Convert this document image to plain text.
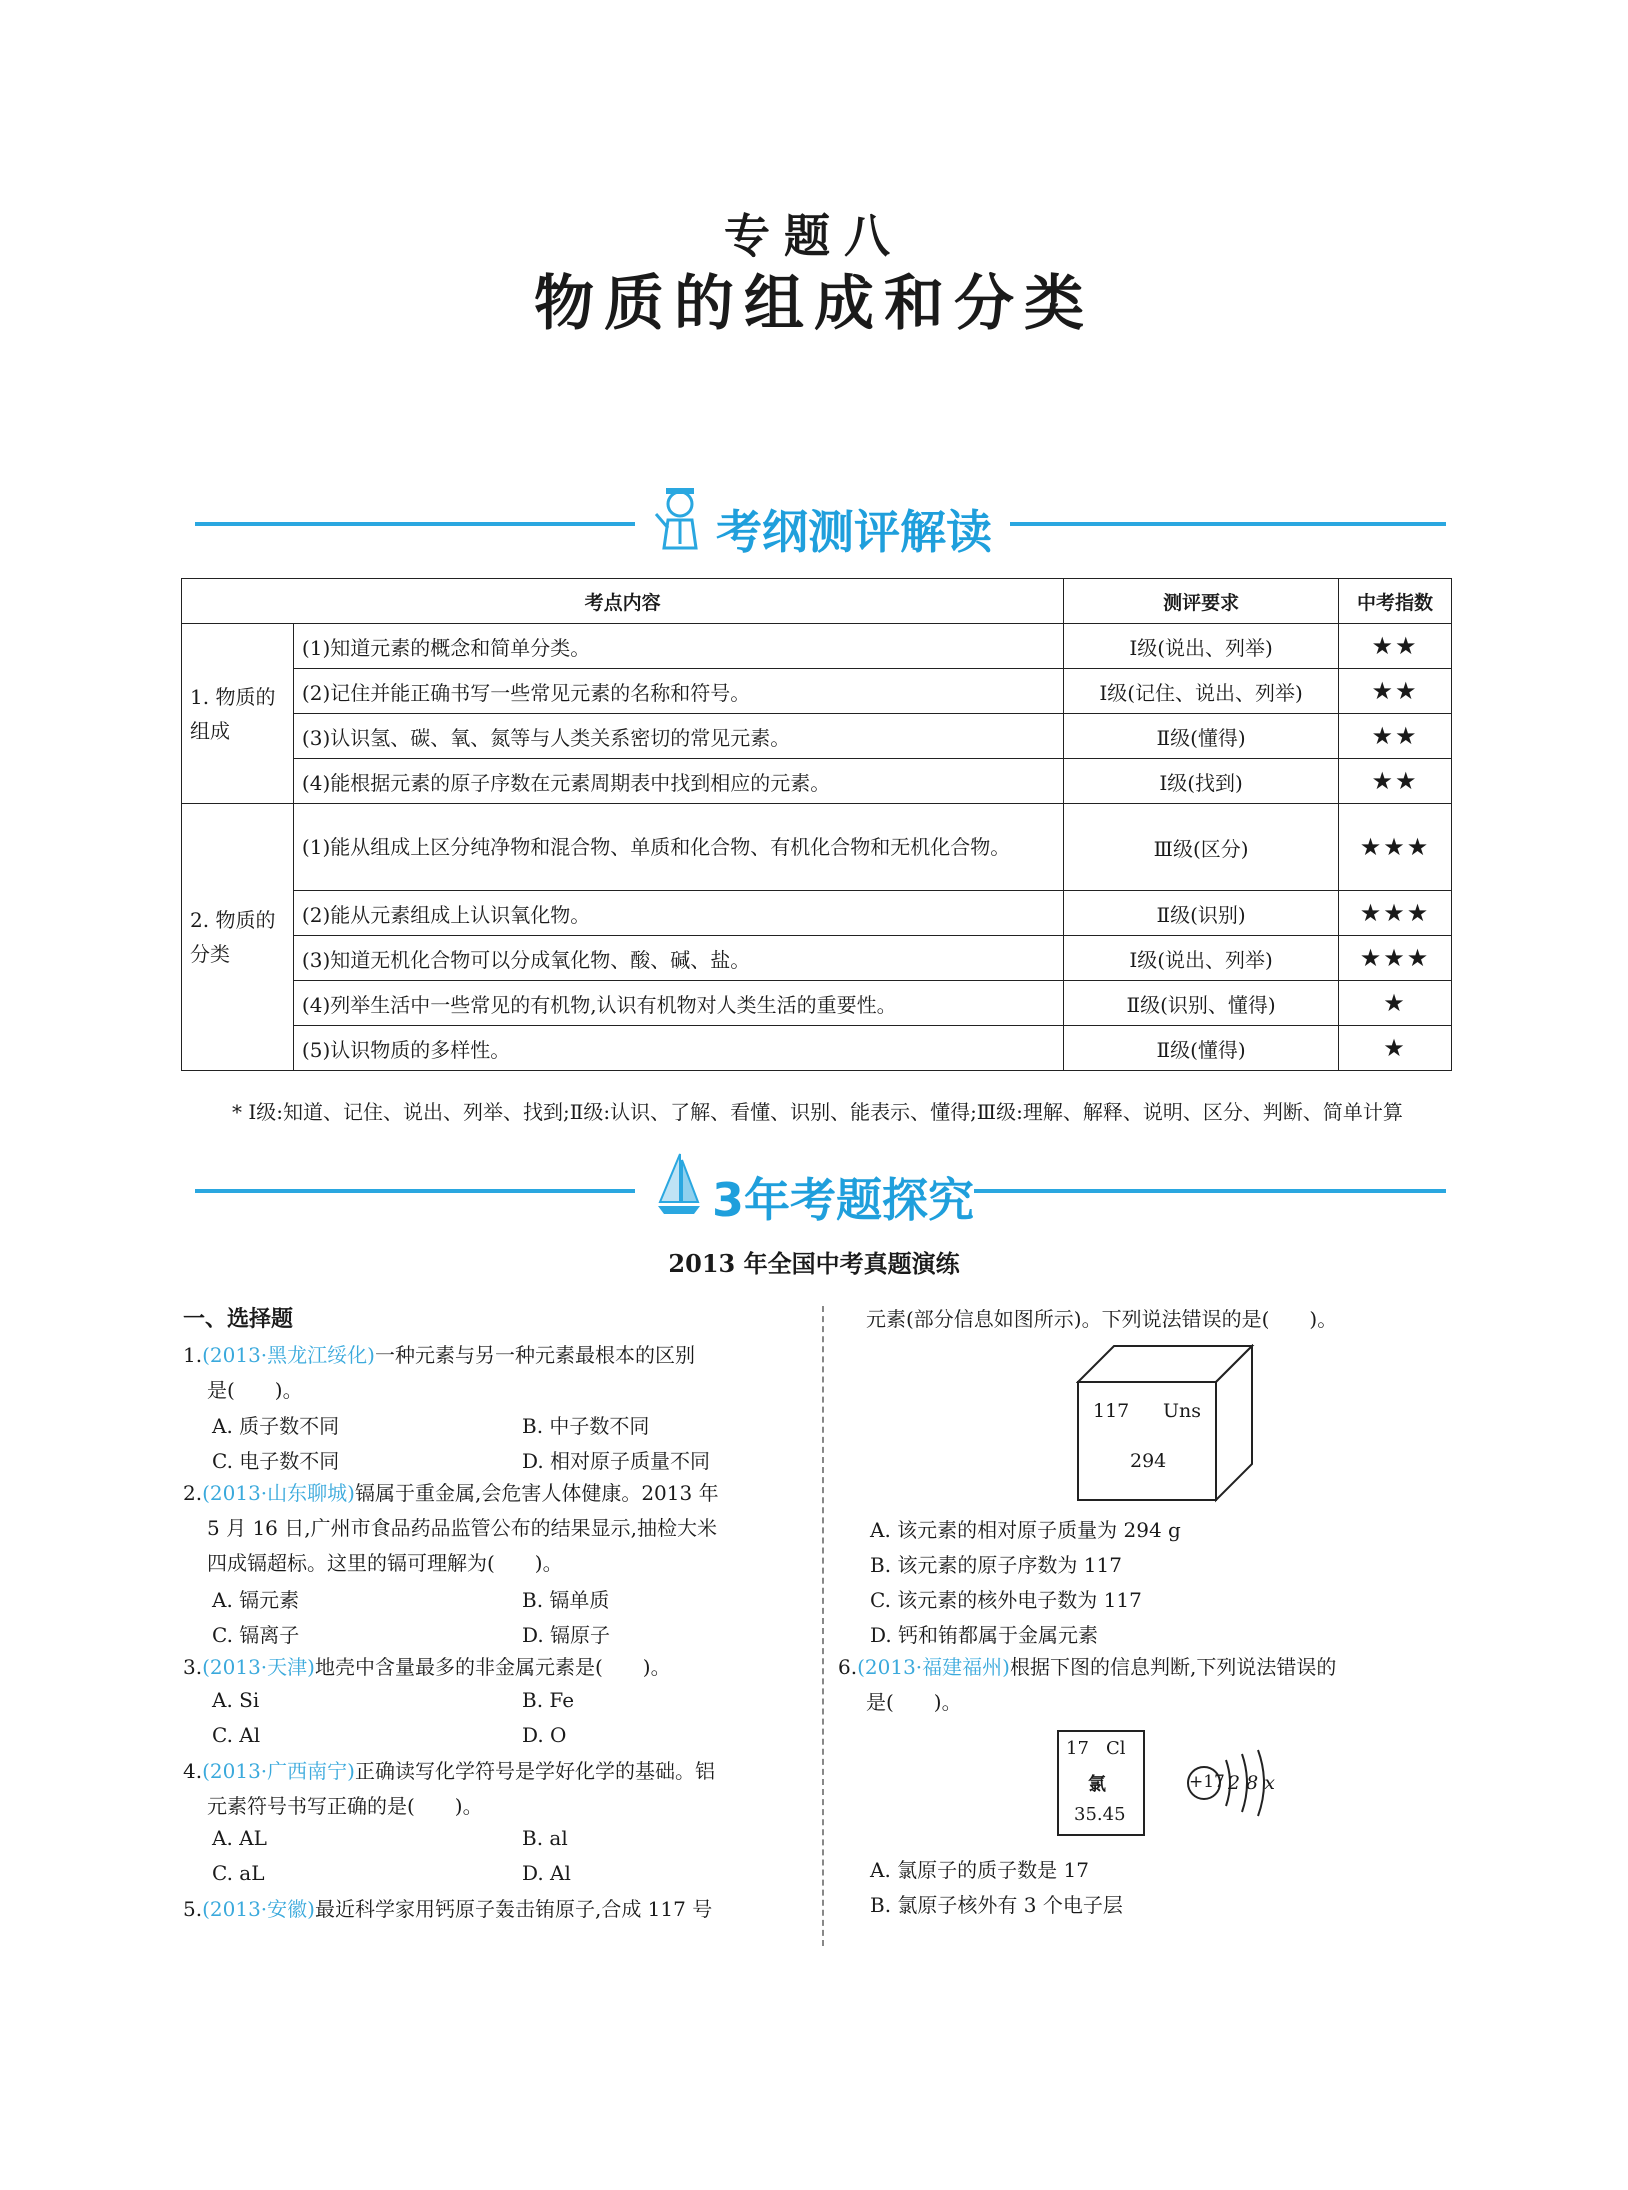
专题八
物质的组成和分类
考纲测评解读
考点内容		测评要求	中考指数
1. 物质的组成	(1)知道元素的概念和简单分类。	Ⅰ级(说出、列举)	★★
	(2)记住并能正确书写一些常见元素的名称和符号。	Ⅰ级(记住、说出、列举)	★★
	(3)认识氢、碳、氧、氮等与人类关系密切的常见元素。	Ⅱ级(懂得)	★★
	(4)能根据元素的原子序数在元素周期表中找到相应的元素。	Ⅰ级(找到)	★★
2. 物质的分类	(1)能从组成上区分纯净物和混合物、单质和化合物、有机化合物和无机化合物。	Ⅲ级(区分)	★★★
	(2)能从元素组成上认识氧化物。	Ⅱ级(识别)	★★★
	(3)知道无机化合物可以分成氧化物、酸、碱、盐。	Ⅰ级(说出、列举)	★★★
	(4)列举生活中一些常见的有机物,认识有机物对人类生活的重要性。	Ⅱ级(识别、懂得)	★
	(5)认识物质的多样性。	Ⅱ级(懂得)	★
* Ⅰ级:知道、记住、说出、列举、找到;Ⅱ级:认识、了解、看懂、识别、能表示、懂得;Ⅲ级:理解、解释、说明、区分、判断、简单计算
3年考题探究
2013 年全国中考真题演练
一、选择题
1.(2013·黑龙江绥化)一种元素与另一种元素最根本的区别
是(　　)。
A. 质子数不同	B. 中子数不同
C. 电子数不同	D. 相对原子质量不同
2.(2013·山东聊城)镉属于重金属,会危害人体健康。2013 年
5 月 16 日,广州市食品药品监管公布的结果显示,抽检大米
四成镉超标。这里的镉可理解为(　　)。
A. 镉元素	B. 镉单质
C. 镉离子	D. 镉原子
3.(2013·天津)地壳中含量最多的非金属元素是(　　)。
A. Si	B. Fe
C. Al	D. O
4.(2013·广西南宁)正确读写化学符号是学好化学的基础。铝
元素符号书写正确的是(　　)。
A. AL	B. al
C. aL	D. Al
5.(2013·安徽)最近科学家用钙原子轰击铕原子,合成 117 号
元素(部分信息如图所示)。下列说法错误的是(　　)。
117 Uns
294
A. 该元素的相对原子质量为 294 g
B. 该元素的原子序数为 117
C. 该元素的核外电子数为 117
D. 钙和铕都属于金属元素
6.(2013·福建福州)根据下图的信息判断,下列说法错误的
是(　　)。
17 Cl
氯
35.45
+17 2 8 x
A. 氯原子的质子数是 17
B. 氯原子核外有 3 个电子层
